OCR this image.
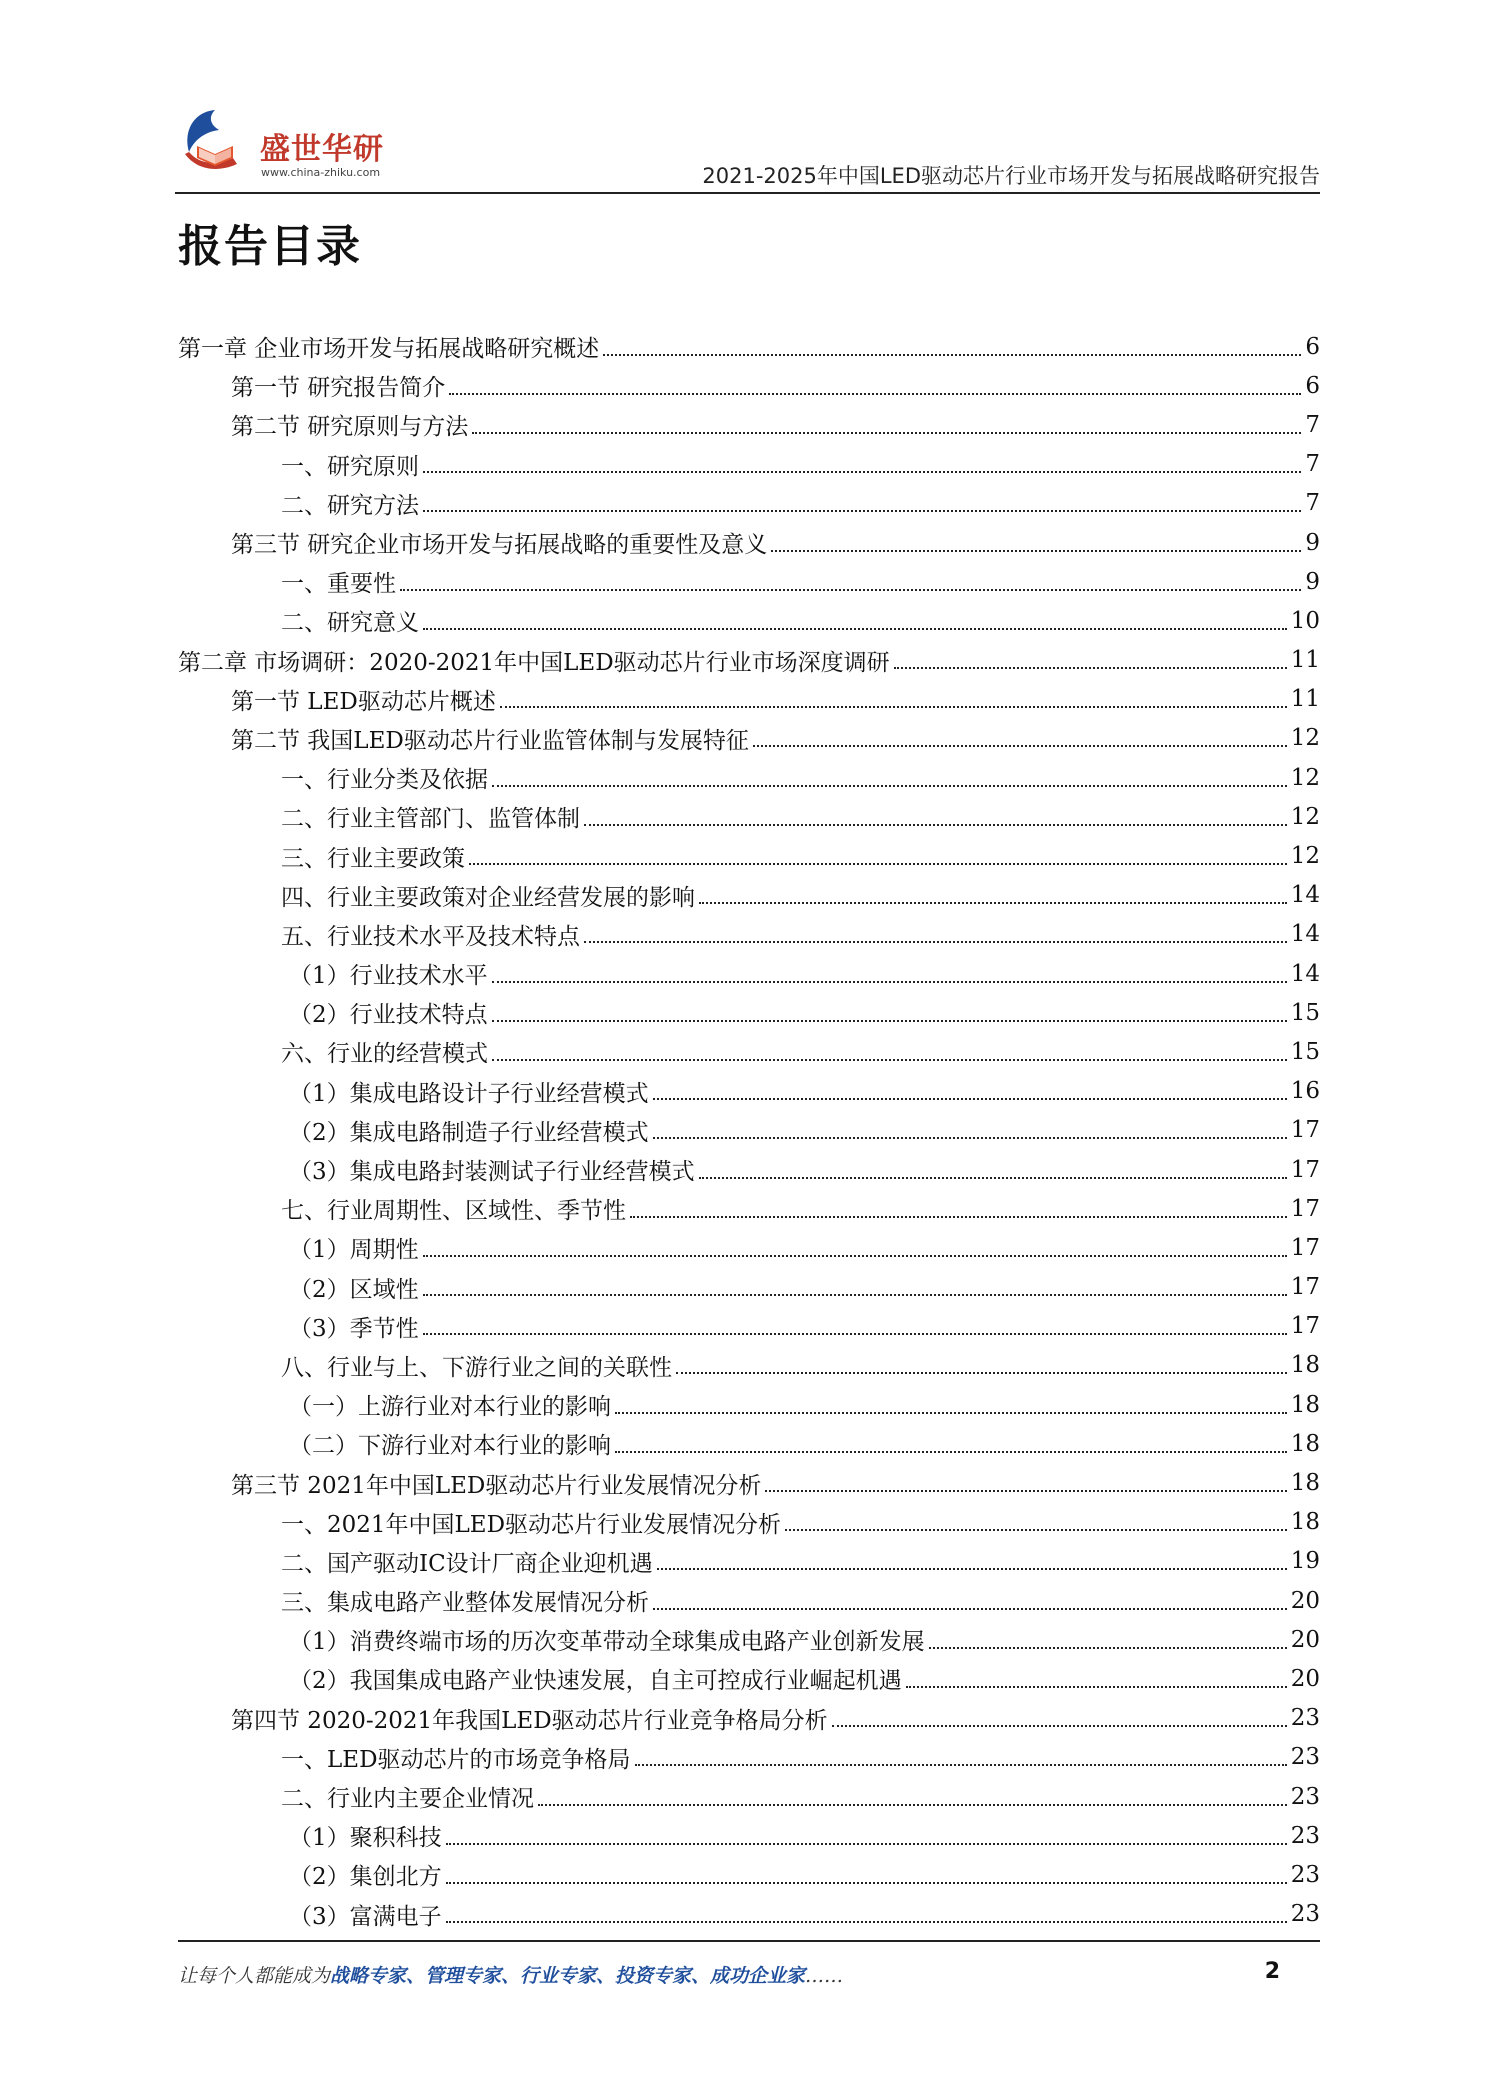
盛世华研
www.china-zhiku.com	2021-2025年中国LED驱动芯片行业市场开发与拓展战略研究报告
报告目录
第一章 企业市场开发与拓展战略研究概述	6
第一节 研究报告简介	6
第二节 研究原则与方法	7
一、研究原则	7
二、研究方法	7
第三节 研究企业市场开发与拓展战略的重要性及意义	9
一、重要性	9
二、研究意义	10
第二章 市场调研：2020-2021年中国LED驱动芯片行业市场深度调研	11
第一节 LED驱动芯片概述	11
第二节 我国LED驱动芯片行业监管体制与发展特征	12
一、行业分类及依据	12
二、行业主管部门、监管体制	12
三、行业主要政策	12
四、行业主要政策对企业经营发展的影响	14
五、行业技术水平及技术特点	14
（1）行业技术水平	14
（2）行业技术特点	15
六、行业的经营模式	15
（1）集成电路设计子行业经营模式	16
（2）集成电路制造子行业经营模式	17
（3）集成电路封装测试子行业经营模式	17
七、行业周期性、区域性、季节性	17
（1）周期性	17
（2）区域性	17
（3）季节性	17
八、行业与上、下游行业之间的关联性	18
（一）上游行业对本行业的影响	18
（二）下游行业对本行业的影响	18
第三节 2021年中国LED驱动芯片行业发展情况分析	18
一、2021年中国LED驱动芯片行业发展情况分析	18
二、国产驱动IC设计厂商企业迎机遇	19
三、集成电路产业整体发展情况分析	20
（1）消费终端市场的历次变革带动全球集成电路产业创新发展	20
（2）我国集成电路产业快速发展，自主可控成行业崛起机遇	20
第四节 2020-2021年我国LED驱动芯片行业竞争格局分析	23
一、LED驱动芯片的市场竞争格局	23
二、行业内主要企业情况	23
（1）聚积科技	23
（2）集创北方	23
（3）富满电子	23
让每个人都能成为战略专家、管理专家、行业专家、投资专家、成功企业家……	2
